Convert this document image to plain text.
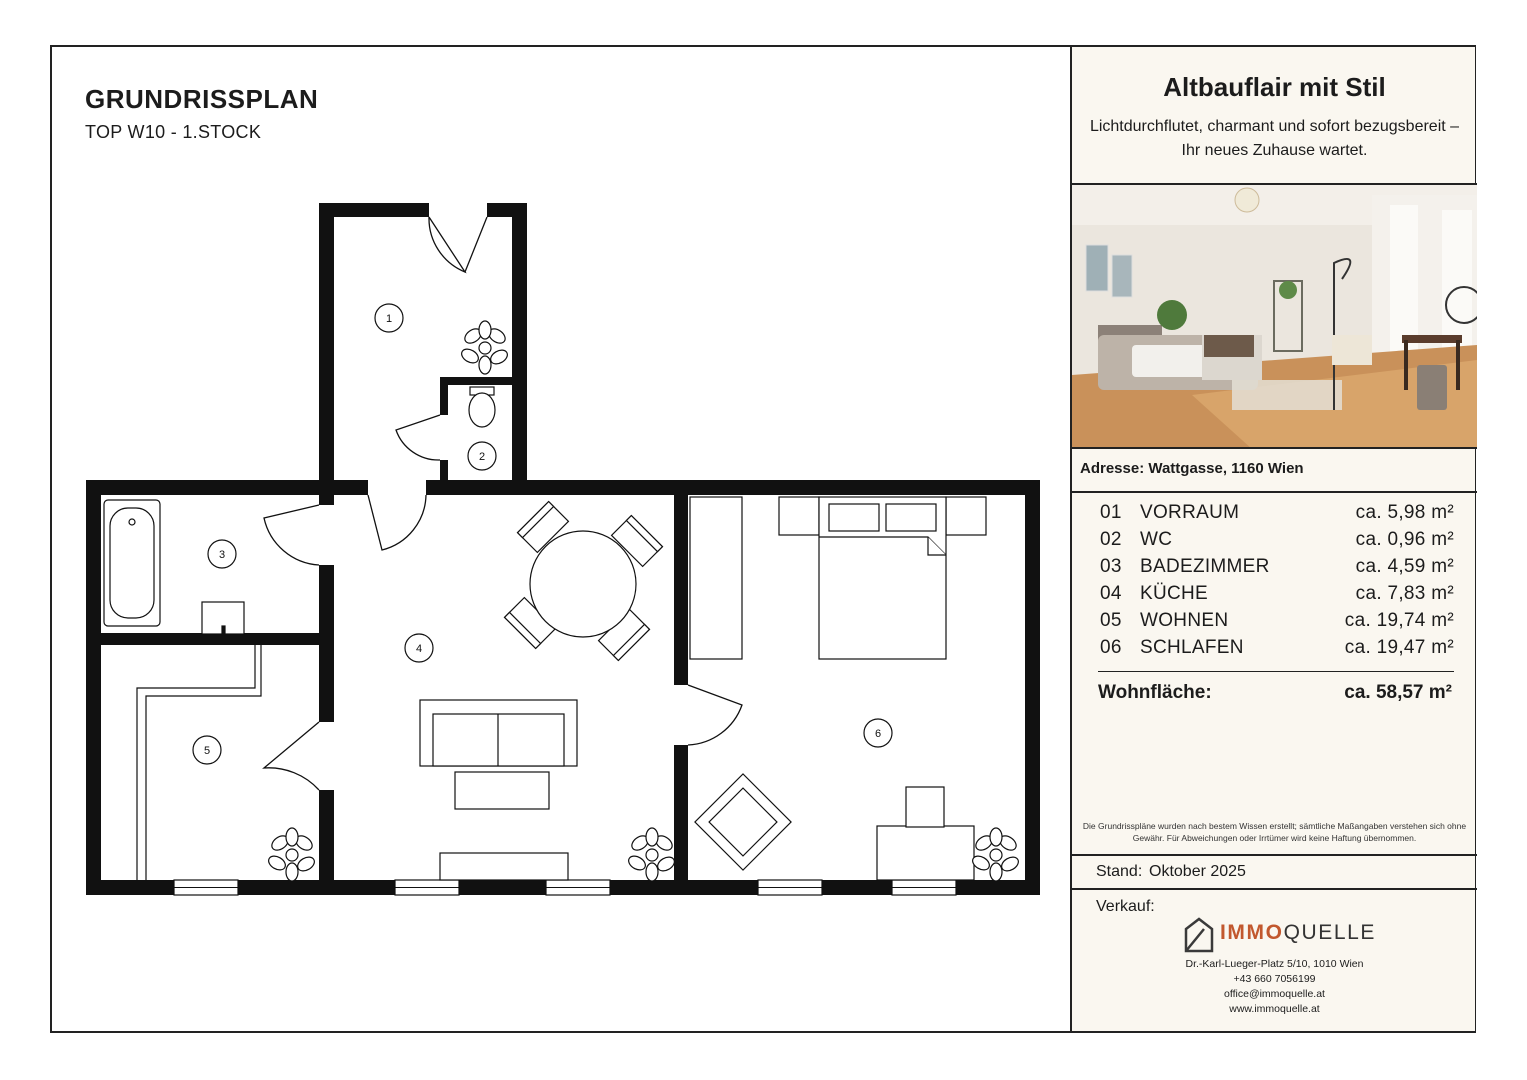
GRUNDRISSPLAN
TOP W10 - 1.STOCK
1
2
3
4
5
6
Altbauflair mit Stil
Lichtdurchflutet, charmant und sofort bezugsbereit – Ihr neues Zuhause wartet.
Adresse: Wattgasse, 1160 Wien
01 VORRAUM	ca. 5,98 m²
02 WC	ca. 0,96 m²
03 BADEZIMMER	ca. 4,59 m²
04 KÜCHE	ca. 7,83 m²
05 WOHNEN	ca. 19,74 m²
06 SCHLAFEN	ca. 19,47 m²
Wohnfläche:	ca. 58,57 m²
Die Grundrisspläne wurden nach bestem Wissen erstellt; sämtliche Maßangaben verstehen sich ohne Gewähr. Für Abweichungen oder Irrtümer wird keine Haftung übernommen.
Stand: Oktober 2025
Verkauf:
IMMOQUELLE
Dr.-Karl-Lueger-Platz 5/10, 1010 Wien
+43 660 7056199
office@immoquelle.at
www.immoquelle.at
